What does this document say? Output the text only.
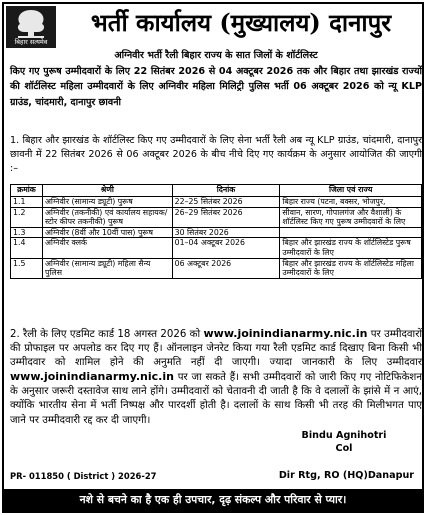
बिहार सत्यमेव
भर्ती कार्यालय (मुख्यालय) दानापुर
अग्निवीर भर्ती रैली बिहार राज्य के सात जिलों के शॉर्टलिस्ट
किए गए पुरूष उम्मीदवारों के लिए 22 सितंबर 2026 से 04 अक्टूबर 2026 तक और बिहार तथा झारखंड राज्यों की शॉर्टलिस्ट महिला उम्मीदवारों के लिए अग्निवीर महिला मिलिट्री पुलिस भर्ती 06 अक्टूबर 2026 को न्यू KLP ग्राउंड, चांदमारी, दानापुर छावनी
1. बिहार और झारखंड के शॉर्टलिस्ट किए गए उम्मीदवारों के लिए सेना भर्ती रैली अब न्यू KLP ग्राउंड, चांदमारी, दानापुर छावनी में 22 सितंबर 2026 से 06 अक्टूबर 2026 के बीच नीचे दिए गए कार्यक्रम के अनुसार आयोजित की जाएगी :–
क्रमांक	श्रेणी	दिनांक	जिला एवं राज्य
1.1	अग्निवीर (सामान्य ड्यूटी) पुरूष	22–25 सितंबर 2026	बिहार राज्य (पटना, बक्सर, भोजपुर,
1.2	अग्निवीर (तकनीकी) एवं कार्यालय सहायक/स्टोर कीपर तकनीकी) पुरूष	26–29 सितंबर 2026	सीवान, सारण, गोपालगंज और वैशाली) के शॉर्टलिस्ट किए गए पुरूष उम्मीदवारों के लिए
1.3	अग्निवीर (8वीं और 10वीं पास) पुरूष	30 सितंबर 2026	
1.4	अग्निवीर क्लर्क	01–04 अक्टूबर 2026	बिहार और झारखंड राज्य के शॉर्टलिस्टेड पुरूष उम्मीदवारों के लिए
1.5	अग्निवीर (सामान्य ड्यूटी) महिला सैन्य पुलिस	06 अक्टूबर 2026	बिहार और झारखंड राज्य के शॉर्टलिस्टेड महिला उम्मीदवारों के लिए
2. रैली के लिए एडमिट कार्ड 18 अगस्त 2026 को www.joinindianarmy.nic.in पर उम्मीदवारों की प्रोफाइल पर अपलोड कर दिए गए हैं। ऑनलाइन जेनरेट किया गया रैली एडमिट कार्ड दिखाए बिना किसी भी उम्मीदवार को शामिल होने की अनुमति नहीं दी जाएगी। ज्यादा जानकारी के लिए उम्मीदवार www.joinindianarmy.nic.in पर जा सकते हैं। सभी उम्मीदवारों को जारी किए गए नोटिफिकेशन के अनुसार जरूरी दस्तावेज साथ लाने होंगे। उम्मीदवारों को चेतावनी दी जाती है कि वे दलालों के झांसे में न आएं, क्योंकि भारतीय सेना में भर्ती निष्पक्ष और पारदर्शी होती है। दलालों के साथ किसी भी तरह की मिलीभगत पाए जाने पर उम्मीदवारी रद्द कर दी जाएगी।
Bindu Agnihotri
Col
PR- 011850 ( District ) 2026-27	Dir Rtg, RO (HQ)Danapur
नशे से बचने का है एक ही उपचार, दृढ़ संकल्प और परिवार से प्यार।
